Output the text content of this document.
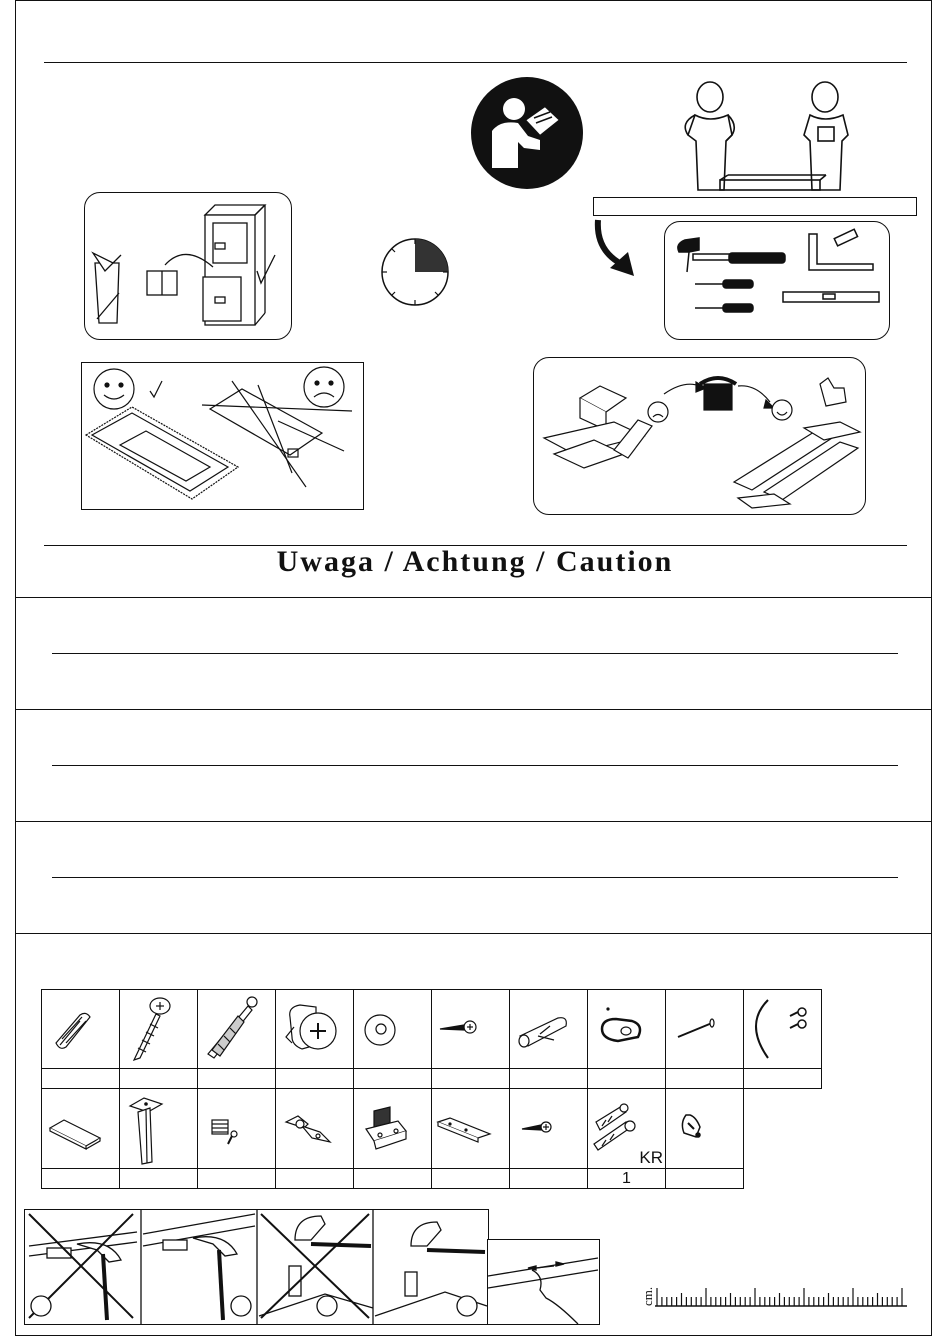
Uwaga / Achtung / Caution

KR

							1	
cm.
